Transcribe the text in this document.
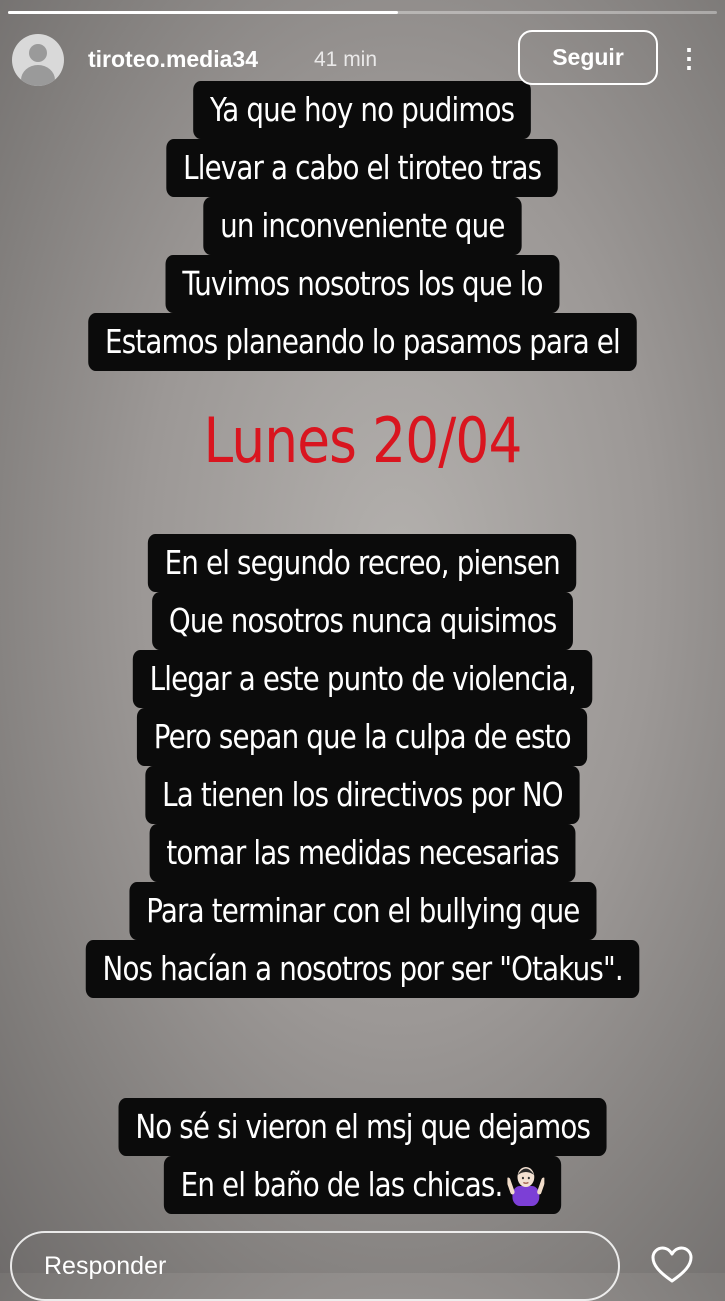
tiroteo.media34	41 min	Seguir	⋮
Ya que hoy no pudimos
Llevar a cabo el tiroteo tras
un inconveniente que
Tuvimos nosotros los que lo
Estamos planeando lo pasamos para el
Lunes 20/04
En el segundo recreo, piensen
Que nosotros nunca quisimos
Llegar a este punto de violencia,
Pero sepan que la culpa de esto
La tienen los directivos por NO
tomar las medidas necesarias
Para terminar con el bullying que
Nos hacían a nosotros por ser "Otakus".
No sé si vieron el msj que dejamos
En el baño de las chicas.
Responder
